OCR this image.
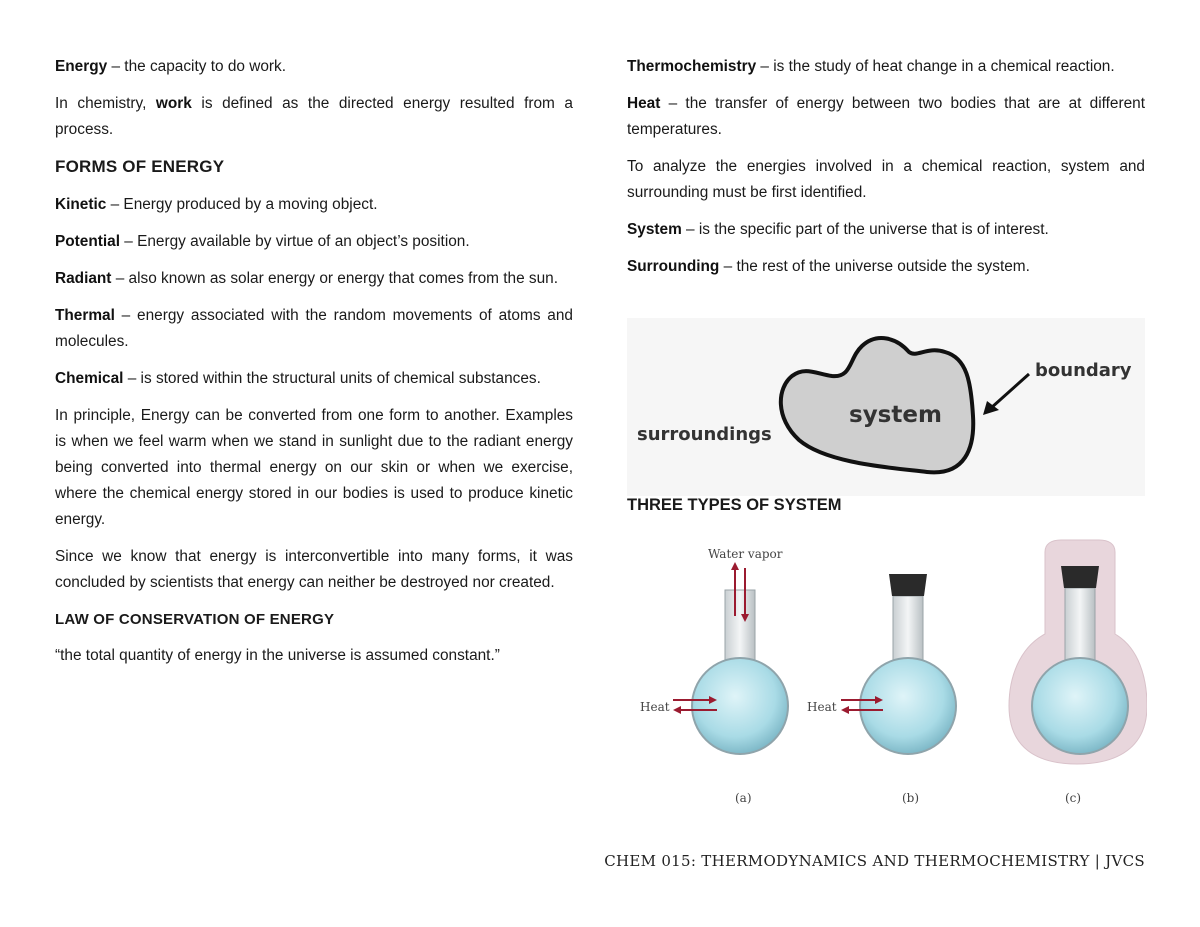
Energy – the capacity to do work.

In chemistry, work is defined as the directed energy resulted from a process.

FORMS OF ENERGY

Kinetic – Energy produced by a moving object.

Potential – Energy available by virtue of an object’s position.

Radiant – also known as solar energy or energy that comes from the sun.

Thermal – energy associated with the random movements of atoms and molecules.

Chemical – is stored within the structural units of chemical substances.

In principle, Energy can be converted from one form to another. Examples is when we feel warm when we stand in sunlight due to the radiant energy being converted into thermal energy on our skin or when we exercise, where the chemical energy stored in our bodies is used to produce kinetic energy.

Since we know that energy is interconvertible into many forms, it was concluded by scientists that energy can neither be destroyed nor created.

LAW OF CONSERVATION OF ENERGY

“the total quantity of energy in the universe is assumed constant.”

Thermochemistry – is the study of heat change in a chemical reaction.

Heat – the transfer of energy between two bodies that are at different temperatures.

To analyze the energies involved in a chemical reaction, system and surrounding must be first identified.

System – is the specific part of the universe that is of interest.

Surrounding – the rest of the universe outside the system.

system
surroundings
boundary
THREE TYPES OF SYSTEM
Water vapor
Heat
(a)
Heat
(b)	(c)
CHEM 015: THERMODYNAMICS AND THERMOCHEMISTRY | JVCS
